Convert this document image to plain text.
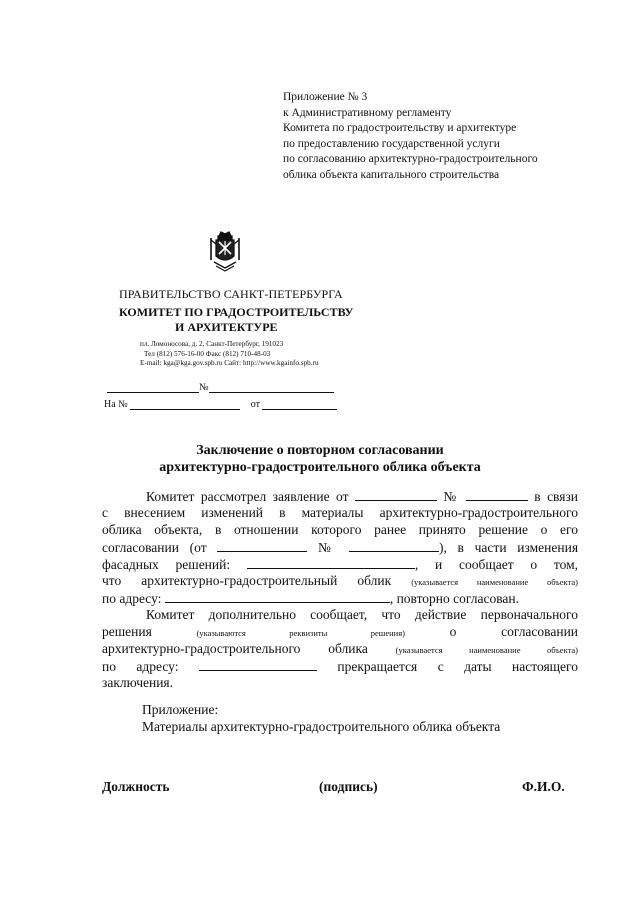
Приложение № 3
к Административному регламенту
Комитета по градостроительству и архитектуре
по предоставлению государственной услуги
по согласованию архитектурно-градостроительного
облика объекта капитального строительства
ПРАВИТЕЛЬСТВО САНКТ-ПЕТЕРБУРГА
КОМИТЕТ ПО ГРАДОСТРОИТЕЛЬСТВУ
И АРХИТЕКТУРЕ
пл. Ломоносова, д. 2, Санкт-Петербург, 191023
Тел (812) 576-16-00 Факс (812) 710-48-03
E-mail: kga@kga.gov.spb.ru Сайт: http://www.kgainfo.spb.ru
№
На №	от
Заключение о повторном согласовании
архитектурно-градостроительного облика объекта
Комитет рассмотрел заявление от	№	в связи
с внесением изменений в материалы архитектурно-градостроительного
облика объекта, в отношении которого ранее принято решение о его
согласовании (от	№	), в части изменения
фасадных решений:	, и сообщает о том,
что архитектурно-градостроительный облик (указывается наименование объекта)
по адресу:	, повторно согласован.
Комитет дополнительно сообщает, что действие первоначального
решения	(указываются реквизиты решения)	о согласовании
архитектурно-градостроительного облика	(указывается наименование объекта)
по адресу:	прекращается с даты настоящего
заключения.
Приложение:
Материалы архитектурно-градостроительного облика объекта
Должность	(подпись)	Ф.И.О.
